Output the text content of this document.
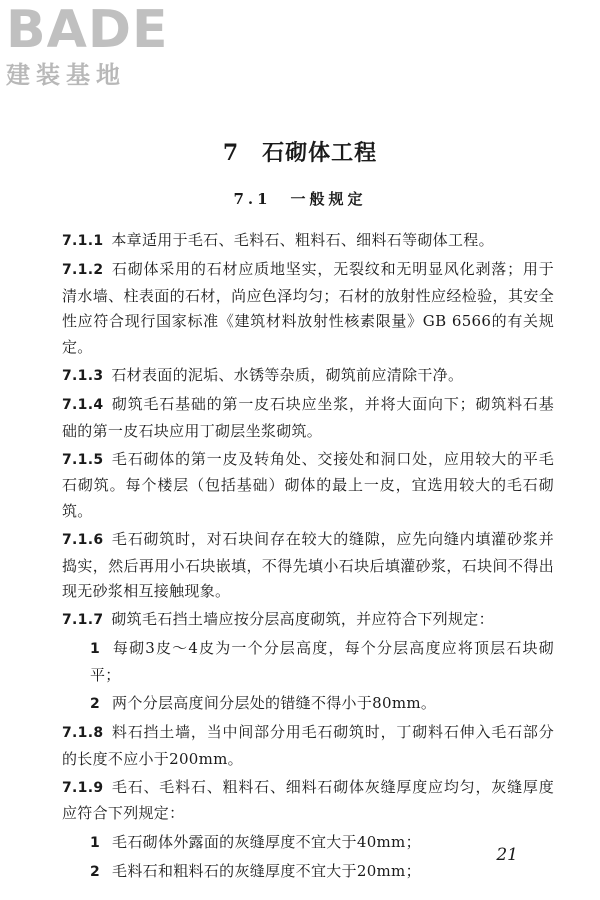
BADE
建装基地
7　石砌体工程
7.1　一般规定

7.1.1 本章适用于毛石、毛料石、粗料石、细料石等砌体工程。

7.1.2 石砌体采用的石材应质地坚实，无裂纹和无明显风化剥落；用于清水墙、柱表面的石材，尚应色泽均匀；石材的放射性应经检验，其安全性应符合现行国家标准《建筑材料放射性核素限量》GB 6566的有关规定。

7.1.3 石材表面的泥垢、水锈等杂质，砌筑前应清除干净。

7.1.4 砌筑毛石基础的第一皮石块应坐浆，并将大面向下；砌筑料石基础的第一皮石块应用丁砌层坐浆砌筑。

7.1.5 毛石砌体的第一皮及转角处、交接处和洞口处，应用较大的平毛石砌筑。每个楼层（包括基础）砌体的最上一皮，宜选用较大的毛石砌筑。

7.1.6 毛石砌筑时，对石块间存在较大的缝隙，应先向缝内填灌砂浆并捣实，然后再用小石块嵌填，不得先填小石块后填灌砂浆，石块间不得出现无砂浆相互接触现象。

7.1.7 砌筑毛石挡土墙应按分层高度砌筑，并应符合下列规定：

1 每砌3皮～4皮为一个分层高度，每个分层高度应将顶层石块砌平；

2 两个分层高度间分层处的错缝不得小于80mm。

7.1.8 料石挡土墙，当中间部分用毛石砌筑时，丁砌料石伸入毛石部分的长度不应小于200mm。

7.1.9 毛石、毛料石、粗料石、细料石砌体灰缝厚度应均匀，灰缝厚度应符合下列规定：

1 毛石砌体外露面的灰缝厚度不宜大于40mm；

2 毛料石和粗料石的灰缝厚度不宜大于20mm；

21
